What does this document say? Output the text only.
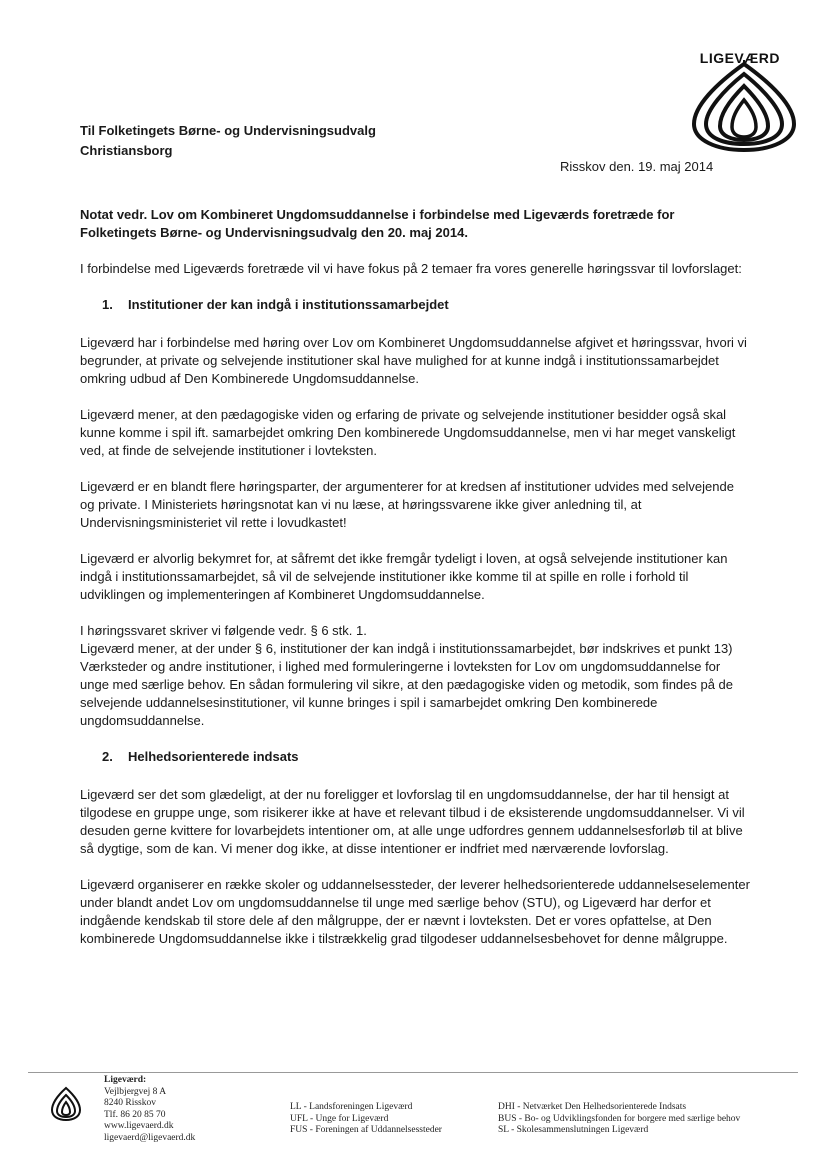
LIGEVÆRD
Til Folketingets Børne- og Undervisningsudvalg
Christiansborg
Risskov den. 19. maj 2014

Notat vedr. Lov om Kombineret Ungdomsuddannelse i forbindelse med Ligeværds foretræde for Folketingets Børne- og Undervisningsudvalg den 20. maj 2014.

I forbindelse med Ligeværds foretræde vil vi have fokus på 2 temaer fra vores generelle høringssvar til lovforslaget:

1. Institutioner der kan indgå i institutionssamarbejdet

Ligeværd har i forbindelse med høring over Lov om Kombineret Ungdomsuddannelse afgivet et høringssvar, hvori vi begrunder, at private og selvejende institutioner skal have mulighed for at kunne indgå i institutionssamarbejdet omkring udbud af Den Kombinerede Ungdomsuddannelse.

Ligeværd mener, at den pædagogiske viden og erfaring de private og selvejende institutioner besidder også skal kunne komme i spil ift. samarbejdet omkring Den kombinerede Ungdomsuddannelse, men vi har meget vanskeligt ved, at finde de selvejende institutioner i lovteksten.

Ligeværd er en blandt flere høringsparter, der argumenterer for at kredsen af institutioner udvides med selvejende og private. I Ministeriets høringsnotat kan vi nu læse, at høringssvarene ikke giver anledning til, at Undervisningsministeriet vil rette i lovudkastet!

Ligeværd er alvorlig bekymret for, at såfremt det ikke fremgår tydeligt i loven, at også selvejende institutioner kan indgå i institutionssamarbejdet, så vil de selvejende institutioner ikke komme til at spille en rolle i forhold til udviklingen og implementeringen af Kombineret Ungdomsuddannelse.

I høringssvaret skriver vi følgende vedr. § 6 stk. 1.

Ligeværd mener, at der under § 6, institutioner der kan indgå i institutionssamarbejdet, bør indskrives et punkt 13) Værksteder og andre institutioner, i lighed med formuleringerne i lovteksten for Lov om ungdomsuddannelse for unge med særlige behov. En sådan formulering vil sikre, at den pædagogiske viden og metodik, som findes på de selvejende uddannelsesinstitutioner, vil kunne bringes i spil i samarbejdet omkring Den kombinerede ungdomsuddannelse.

2. Helhedsorienterede indsats

Ligeværd ser det som glædeligt, at der nu foreligger et lovforslag til en ungdomsuddannelse, der har til hensigt at tilgodese en gruppe unge, som risikerer ikke at have et relevant tilbud i de eksisterende ungdomsuddannelser. Vi vil desuden gerne kvittere for lovarbejdets intentioner om, at alle unge udfordres gennem uddannelsesforløb til at blive så dygtige, som de kan. Vi mener dog ikke, at disse intentioner er indfriet med nærværende lovforslag.

Ligeværd organiserer en række skoler og uddannelsessteder, der leverer helhedsorienterede uddannelseselementer under blandt andet Lov om ungdomsuddannelse til unge med særlige behov (STU), og Ligeværd har derfor et indgående kendskab til store dele af den målgruppe, der er nævnt i lovteksten. Det er vores opfattelse, at Den kombinerede Ungdomsuddannelse ikke i tilstrækkelig grad tilgodeser uddannelsesbehovet for denne målgruppe.

Ligeværd:
Vejlbjergvej 8 A
8240 Risskov
Tlf. 86 20 85 70
www.ligevaerd.dk
ligevaerd@ligevaerd.dk
LL - Landsforeningen Ligeværd
UFL - Unge for Ligeværd
FUS - Foreningen af Uddannelsessteder
DHI - Netværket Den Helhedsorienterede Indsats
BUS - Bo- og Udviklingsfonden for borgere med særlige behov
SL - Skolesammenslutningen Ligeværd
